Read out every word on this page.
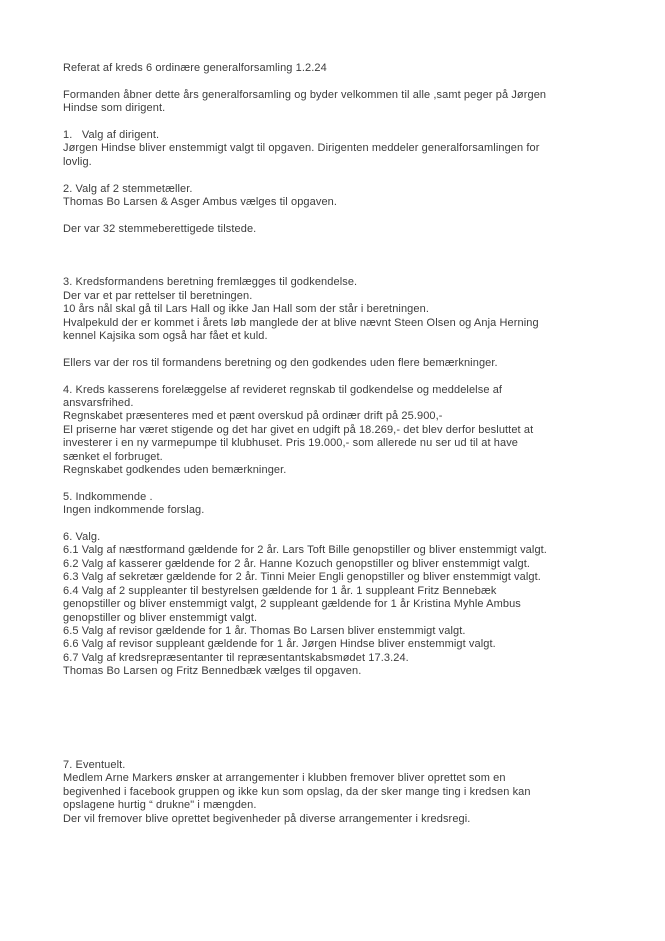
Referat af kreds 6 ordinære generalforsamling 1.2.24
Formanden åbner dette års generalforsamling og byder velkommen til alle ,samt peger på Jørgen
Hindse som dirigent.
1.   Valg af dirigent.
Jørgen Hindse bliver enstemmigt valgt til opgaven. Dirigenten meddeler generalforsamlingen for
lovlig.
2. Valg af 2 stemmetæller.
Thomas Bo Larsen & Asger Ambus vælges til opgaven.
Der var 32 stemmeberettigede tilstede.
3. Kredsformandens beretning fremlægges til godkendelse.
Der var et par rettelser til beretningen.
10 års nål skal gå til Lars Hall og ikke Jan Hall som der står i beretningen.
Hvalpekuld der er kommet i årets løb manglede der at blive nævnt Steen Olsen og Anja Herning
kennel Kajsika som også har fået et kuld.
Ellers var der ros til formandens beretning og den godkendes uden flere bemærkninger.
4. Kreds kasserens forelæggelse af revideret regnskab til godkendelse og meddelelse af
ansvarsfrihed.
Regnskabet præsenteres med et pænt overskud på ordinær drift på 25.900,-
El priserne har været stigende og det har givet en udgift på 18.269,- det blev derfor besluttet at
investerer i en ny varmepumpe til klubhuset. Pris 19.000,- som allerede nu ser ud til at have
sænket el forbruget.
Regnskabet godkendes uden bemærkninger.
5. Indkommende .
Ingen indkommende forslag.
6. Valg.
6.1 Valg af næstformand gældende for 2 år. Lars Toft Bille genopstiller og bliver enstemmigt valgt.
6.2 Valg af kasserer gældende for 2 år. Hanne Kozuch genopstiller og bliver enstemmigt valgt.
6.3 Valg af sekretær gældende for 2 år. Tinni Meier Engli genopstiller og bliver enstemmigt valgt.
6.4 Valg af 2 suppleanter til bestyrelsen gældende for 1 år. 1 suppleant Fritz Bennebæk
genopstiller og bliver enstemmigt valgt, 2 suppleant gældende for 1 år Kristina Myhle Ambus
genopstiller og bliver enstemmigt valgt.
6.5 Valg af revisor gældende for 1 år. Thomas Bo Larsen bliver enstemmigt valgt.
6.6 Valg af revisor suppleant gældende for 1 år. Jørgen Hindse bliver enstemmigt valgt.
6.7 Valg af kredsrepræsentanter til repræsentantskabsmødet 17.3.24.
Thomas Bo Larsen og Fritz Bennedbæk vælges til opgaven.
7. Eventuelt.
Medlem Arne Markers ønsker at arrangementer i klubben fremover bliver oprettet som en
begivenhed i facebook gruppen og ikke kun som opslag, da der sker mange ting i kredsen kan
opslagene hurtig “ drukne" i mængden.
Der vil fremover blive oprettet begivenheder på diverse arrangementer i kredsregi.
